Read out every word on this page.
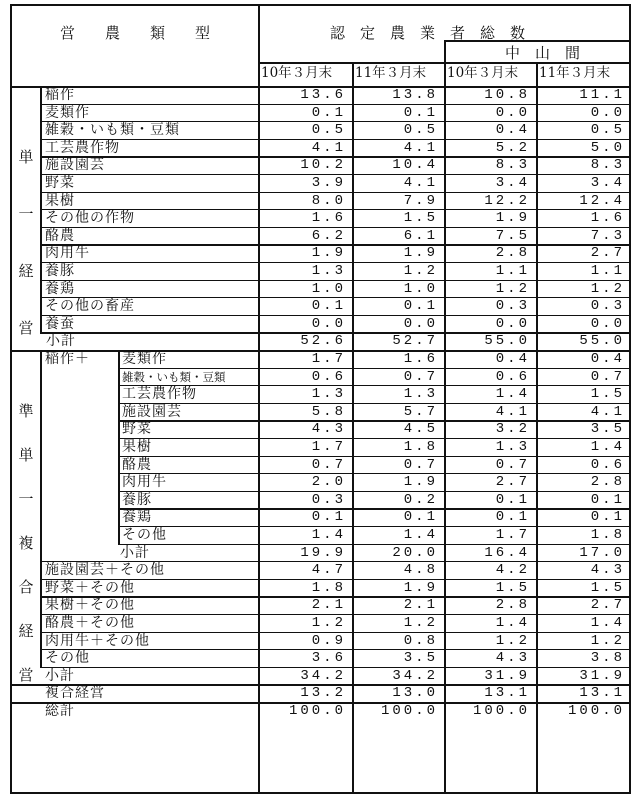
営　　農　　類　　型	認　定　農　業　者　総　数
中　山　間
10年３月末 11年３月末 10年３月末 11年３月末
稲作	13.6	13.8	10.8	11.1
麦類作	0.1	0.1	0.0	0.0
雑穀・いも類・豆類	0.5	0.5	0.4	0.5
工芸農作物	4.1	4.1	5.2	5.0
施設園芸	10.2	10.4	8.3	8.3
野菜	3.9	4.1	3.4	3.4
果樹	8.0	7.9	12.2	12.4
その他の作物	1.6	1.5	1.9	1.6
酪農	6.2	6.1	7.5	7.3
肉用牛	1.9	1.9	2.8	2.7
養豚	1.3	1.2	1.1	1.1
養鶏	1.0	1.0	1.2	1.2
その他の畜産	0.1	0.1	0.3	0.3
養蚕	0.0	0.0	0.0	0.0
小計	52.6	52.7	55.0	55.0
単
一
経
営
稲作＋ 麦類作	1.7	1.6	0.4	0.4
雑穀・いも類・豆類	0.6	0.7	0.6	0.7
工芸農作物	1.3	1.3	1.4	1.5
施設園芸	5.8	5.7	4.1	4.1
野菜	4.3	4.5	3.2	3.5
果樹	1.7	1.8	1.3	1.4
酪農	0.7	0.7	0.7	0.6
肉用牛	2.0	1.9	2.7	2.8
養豚	0.3	0.2	0.1	0.1
養鶏	0.1	0.1	0.1	0.1
その他	1.4	1.4	1.7	1.8
小計	19.9	20.0	16.4	17.0
施設園芸＋その他	4.7	4.8	4.2	4.3
野菜＋その他	1.8	1.9	1.5	1.5
果樹＋その他	2.1	2.1	2.8	2.7
酪農＋その他	1.2	1.2	1.4	1.4
肉用牛＋その他	0.9	0.8	1.2	1.2
その他	3.6	3.5	4.3	3.8
小計	34.2	34.2	31.9	31.9
準
単
一
複
合
経
営
複合経営	13.2	13.0	13.1	13.1
総計	100.0	100.0	100.0	100.0
